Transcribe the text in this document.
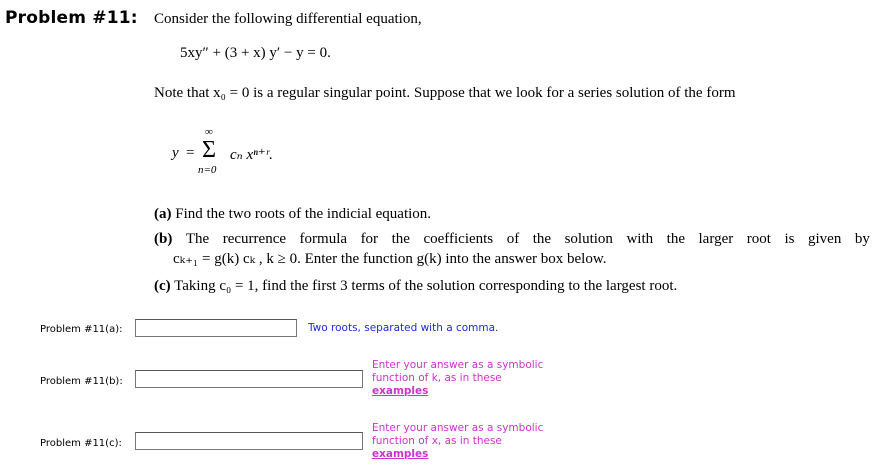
Problem #11: Consider the following differential equation,
5xy″ + (3 + x) y′ − y = 0.
Note that x₀ = 0 is a regular singular point. Suppose that we look for a series solution of the form
y =
∞
Σ
n=0
cₙ xⁿ⁺ʳ.
(a) Find the two roots of the indicial equation.
(b) The recurrence formula for the coefficients of the solution with the larger root is given by
cₖ₊₁ = g(k) cₖ , k ≥ 0. Enter the function g(k) into the answer box below.
(c) Taking c₀ = 1, find the first 3 terms of the solution corresponding to the largest root.
Problem #11(a):	Two roots, separated with a comma.
Problem #11(b):
Enter your answer as a symbolic
function of k, as in these
examples
Problem #11(c):
Enter your answer as a symbolic
function of x, as in these
examples
